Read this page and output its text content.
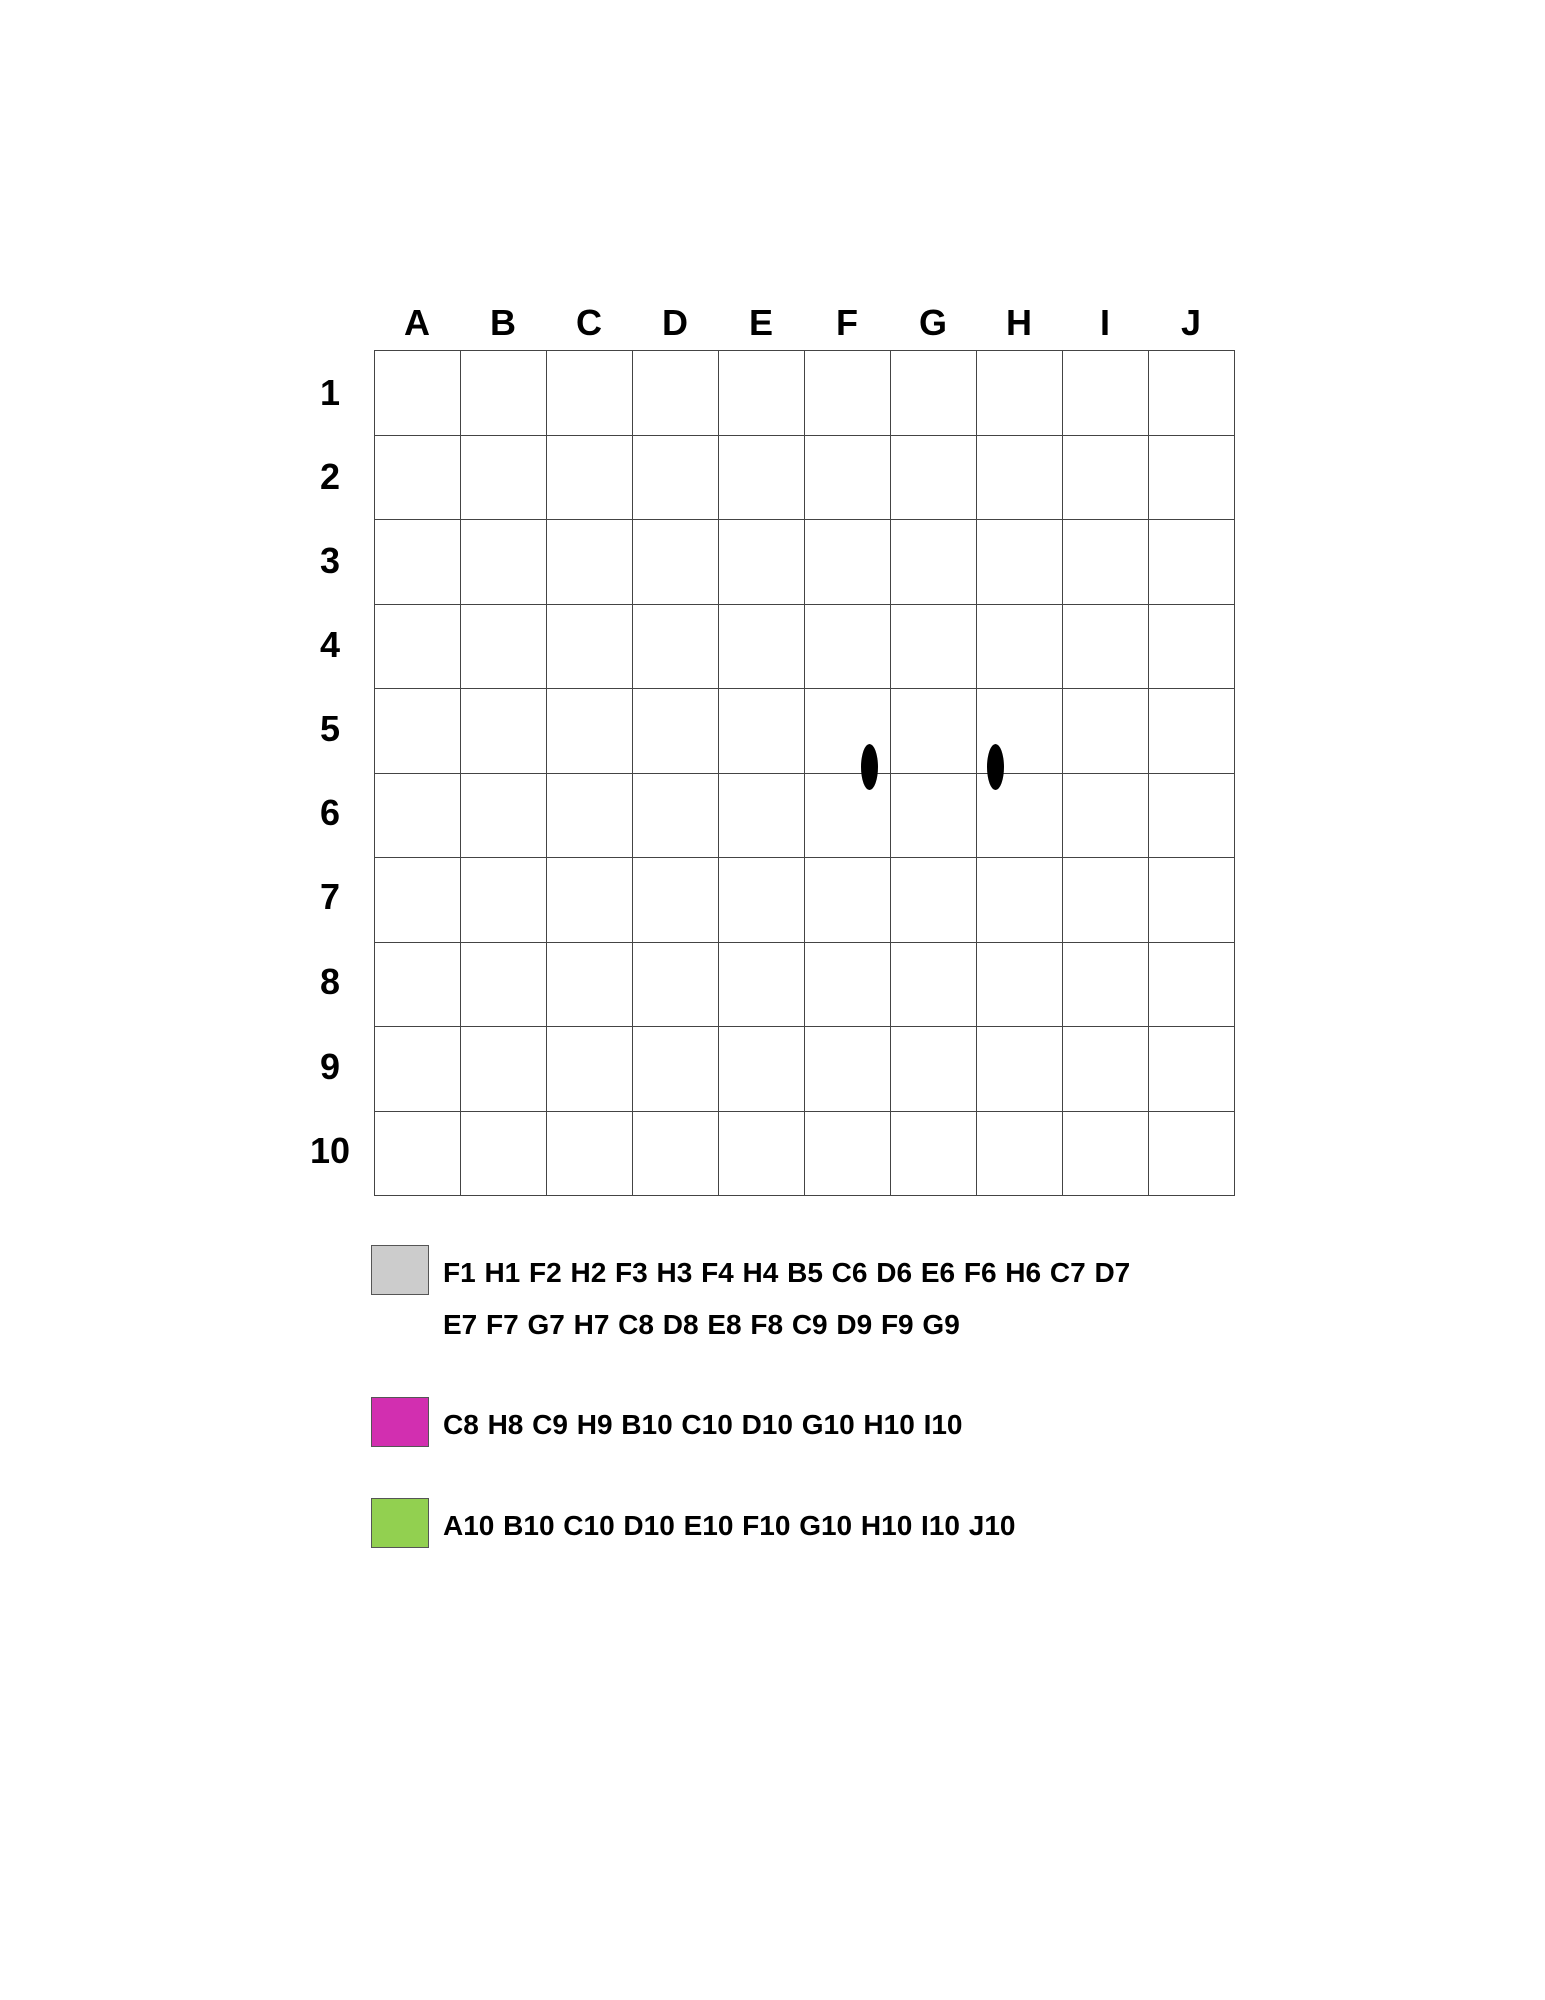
A	B	C	D	E	F	G	H	I	J
1
2
3
4
5
6
7
8
9
10
F1 H1 F2 H2 F3 H3 F4 H4 B5 C6 D6 E6 F6 H6 C7 D7 E7 F7 G7 H7 C8 D8 E8 F8 C9 D9 F9 G9
C8 H8 C9 H9 B10 C10 D10 G10 H10 I10
A10 B10 C10 D10 E10 F10 G10 H10 I10 J10
